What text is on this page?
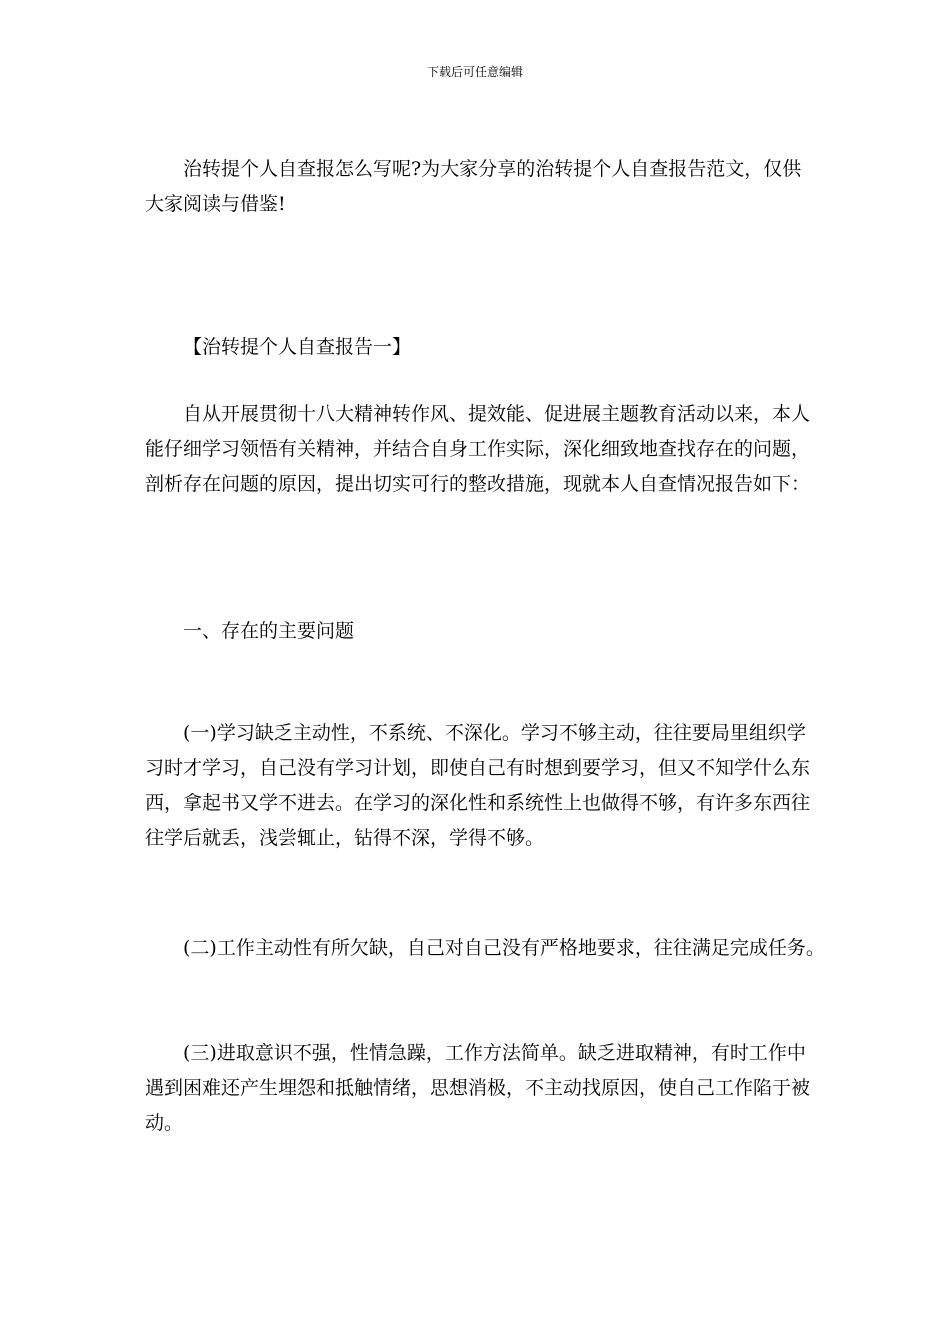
下载后可任意编辑

治转提个人自查报怎么写呢?为大家分享的治转提个人自查报告范文，仅供大家阅读与借鉴!

【治转提个人自查报告一】

自从开展贯彻十八大精神转作风、提效能、促进展主题教育活动以来，本人能仔细学习领悟有关精神，并结合自身工作实际，深化细致地查找存在的问题，剖析存在问题的原因，提出切实可行的整改措施，现就本人自查情况报告如下：

一、存在的主要问题

(一)学习缺乏主动性，不系统、不深化。学习不够主动，往往要局里组织学习时才学习，自己没有学习计划，即使自己有时想到要学习，但又不知学什么东西，拿起书又学不进去。在学习的深化性和系统性上也做得不够，有许多东西往往学后就丢，浅尝辄止，钻得不深，学得不够。

(二)工作主动性有所欠缺，自己对自己没有严格地要求，往往满足完成任务。

(三)进取意识不强，性情急躁，工作方法简单。缺乏进取精神，有时工作中遇到困难还产生埋怨和抵触情绪，思想消极，不主动找原因，使自己工作陷于被动。
